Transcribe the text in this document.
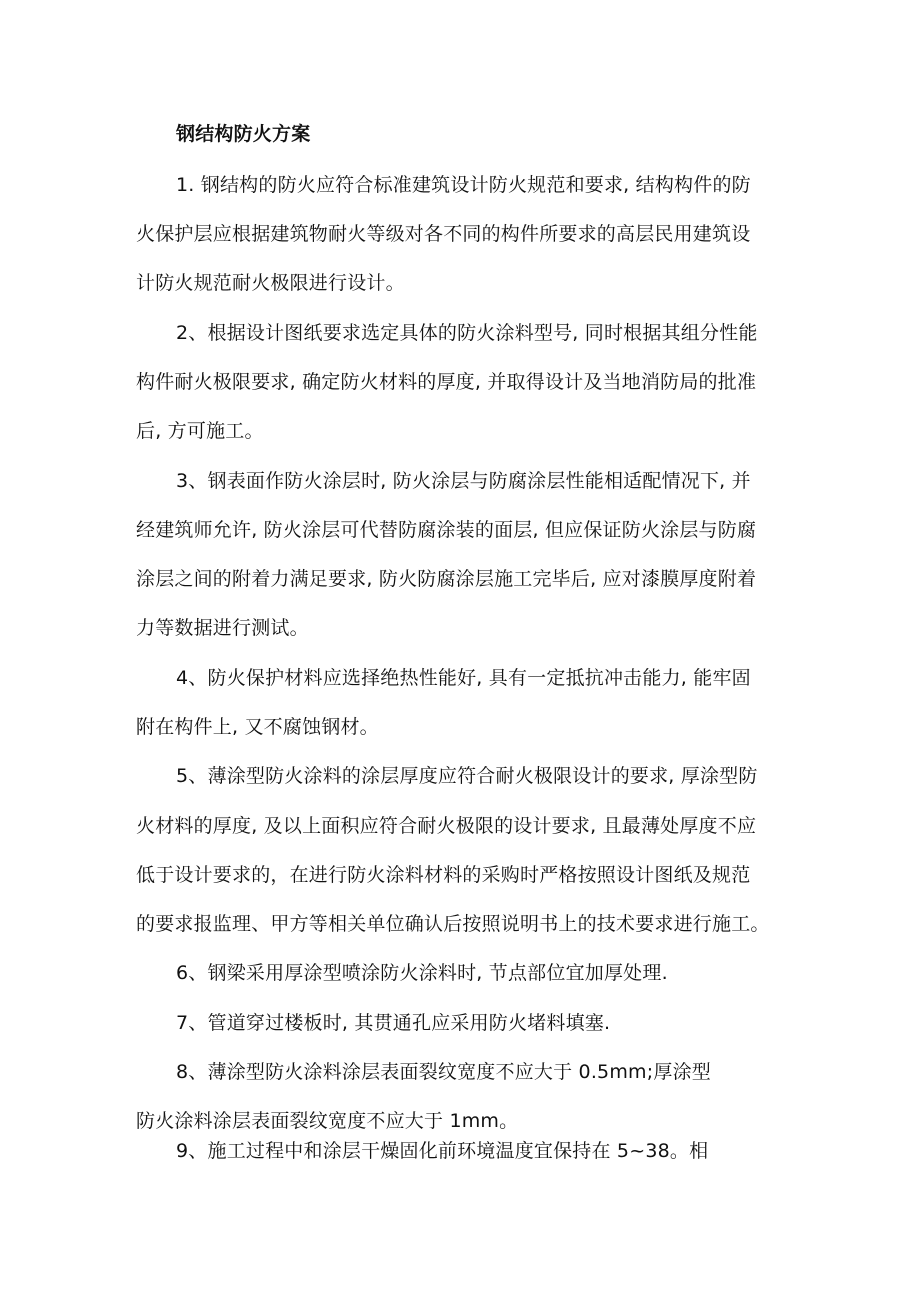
钢结构防火方案
1. 钢结构的防火应符合标准建筑设计防火规范和要求, 结构构件的防
火保护层应根据建筑物耐火等级对各不同的构件所要求的高层民用建筑设
计防火规范耐火极限进行设计。
2、根据设计图纸要求选定具体的防火涂料型号, 同时根据其组分性能
构件耐火极限要求, 确定防火材料的厚度, 并取得设计及当地消防局的批准
后, 方可施工。
3、钢表面作防火涂层时, 防火涂层与防腐涂层性能相适配情况下, 并
经建筑师允许, 防火涂层可代替防腐涂装的面层, 但应保证防火涂层与防腐
涂层之间的附着力满足要求, 防火防腐涂层施工完毕后, 应对漆膜厚度附着
力等数据进行测试。
4、防火保护材料应选择绝热性能好, 具有一定抵抗冲击能力, 能牢固
附在构件上, 又不腐蚀钢材。
5、薄涂型防火涂料的涂层厚度应符合耐火极限设计的要求, 厚涂型防
火材料的厚度, 及以上面积应符合耐火极限的设计要求, 且最薄处厚度不应
低于设计要求的，在进行防火涂料材料的采购时严格按照设计图纸及规范
的要求报监理、甲方等相关单位确认后按照说明书上的技术要求进行施工。
6、钢梁采用厚涂型喷涂防火涂料时, 节点部位宜加厚处理.
7、管道穿过楼板时, 其贯通孔应采用防火堵料填塞.
8、薄涂型防火涂料涂层表面裂纹宽度不应大于 0.5mm;厚涂型
防火涂料涂层表面裂纹宽度不应大于 1mm。
9、施工过程中和涂层干燥固化前环境温度宜保持在 5~38。相
